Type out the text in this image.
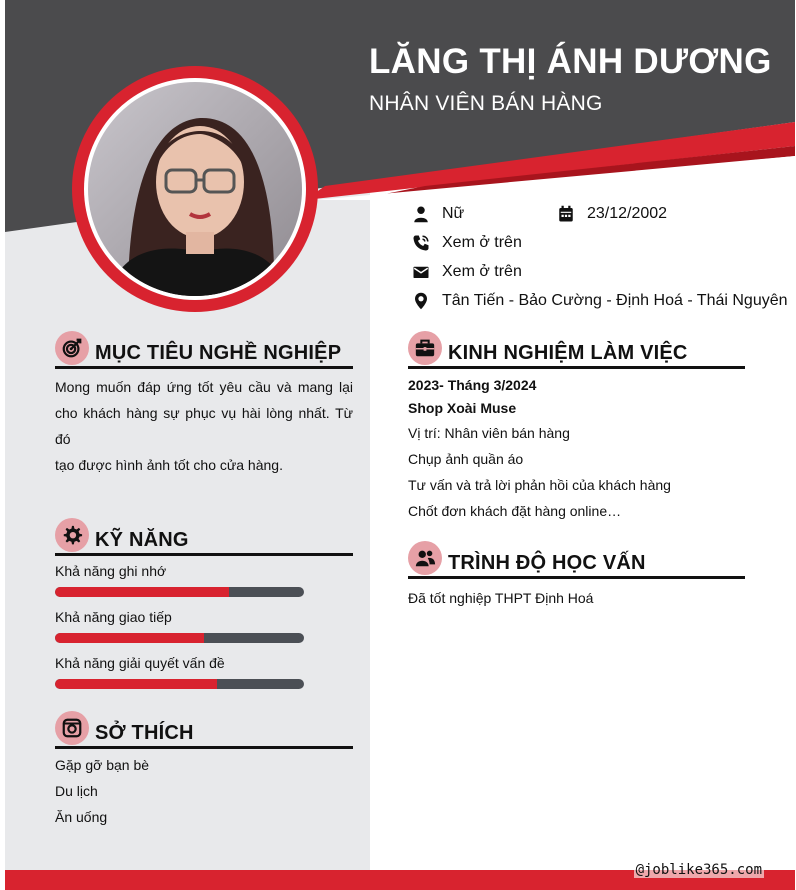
LĂNG THỊ ÁNH DƯƠNG
NHÂN VIÊN BÁN HÀNG
Nữ
Xem ở trên
Xem ở trên
Tân Tiến - Bảo Cường - Định Hoá - Thái Nguyên
23/12/2002
MỤC TIÊU NGHỀ NGHIỆP
Mong muốn đáp ứng tốt yêu cầu và mang lại
cho khách hàng sự phục vụ hài lòng nhất. Từ đó
tạo được hình ảnh tốt cho cửa hàng.
KỸ NĂNG
Khả năng ghi nhớ
Khả năng giao tiếp
Khả năng giải quyết vấn đề
SỞ THÍCH
Gặp gỡ bạn bè
Du lịch
Ăn uống
KINH NGHIỆM LÀM VIỆC
2023- Tháng 3/2024
Shop Xoài Muse
Vị trí: Nhân viên bán hàng
Chụp ảnh quần áo
Tư vấn và trả lời phản hồi của khách hàng
Chốt đơn khách đặt hàng online…
TRÌNH ĐỘ HỌC VẤN
Đã tốt nghiệp THPT Định Hoá
@joblike365.com
